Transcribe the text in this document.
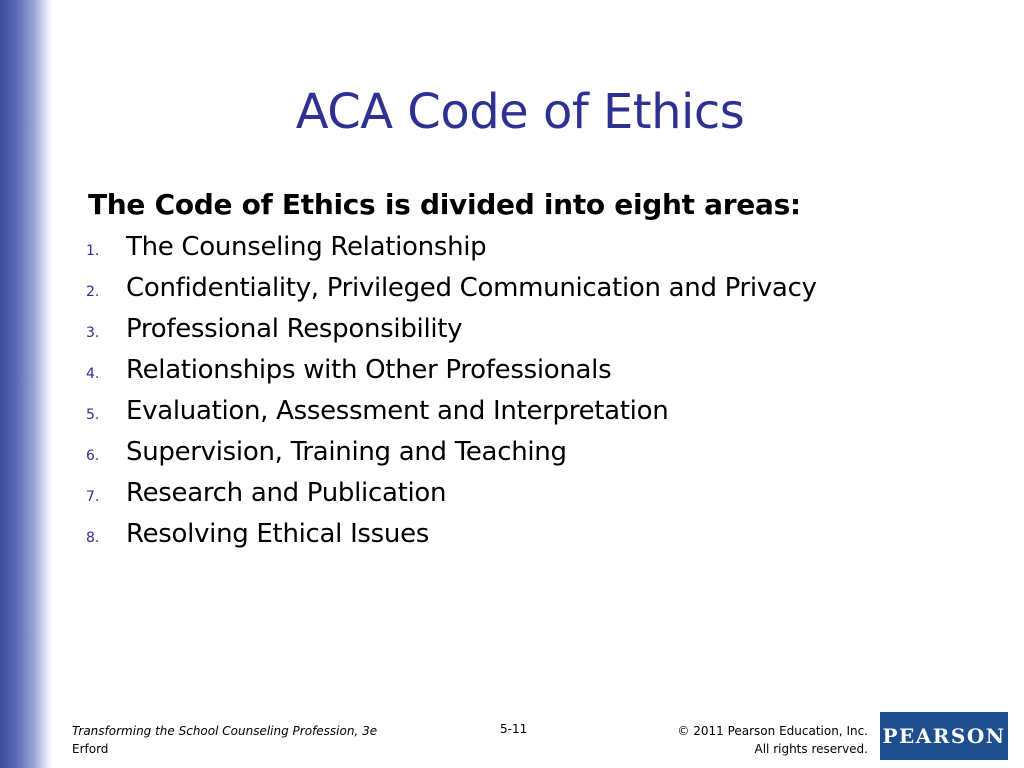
ACA Code of Ethics
The Code of Ethics is divided into eight areas:
1.	The Counseling Relationship
2.	Confidentiality, Privileged Communication and Privacy
3.	Professional Responsibility
4.	Relationships with Other Professionals
5.	Evaluation, Assessment and Interpretation
6.	Supervision, Training and Teaching
7.	Research and Publication
8.	Resolving Ethical Issues
Transforming the School Counseling Profession, 3e
Erford
5-11	© 2011 Pearson Education, Inc.
All rights reserved.
PEARSON
